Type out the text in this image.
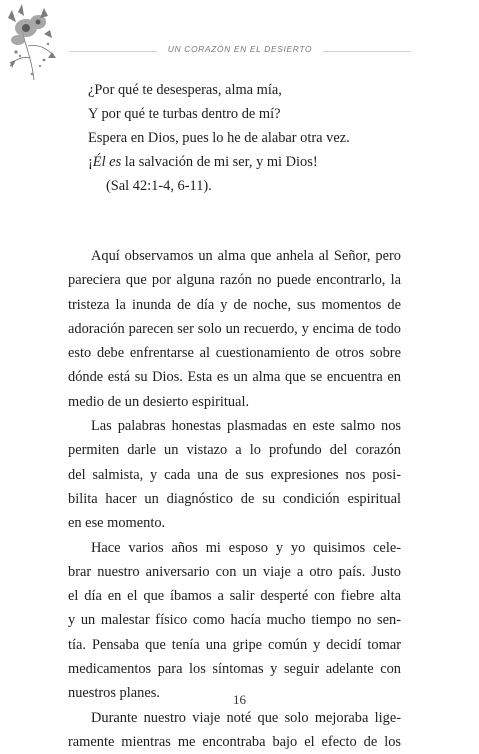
UN CORAZÓN EN EL DESIERTO
¿Por qué te desesperas, alma mía,
Y por qué te turbas dentro de mí?
Espera en Dios, pues lo he de alabar otra vez.
¡Él es la salvación de mi ser, y mi Dios!
(Sal 42:1-4, 6-11).
Aquí observamos un alma que anhela al Señor, pero
pareciera que por alguna razón no puede encontrarlo, la
tristeza la inunda de día y de noche, sus momentos de
adoración parecen ser solo un recuerdo, y encima de todo
esto debe enfrentarse al cuestionamiento de otros sobre
dónde está su Dios. Esta es un alma que se encuentra en
medio de un desierto espiritual.
Las palabras honestas plasmadas en este salmo nos
permiten darle un vistazo a lo profundo del corazón
del salmista, y cada una de sus expresiones nos posi-
bilita hacer un diagnóstico de su condición espiritual
en ese momento.
Hace varios años mi esposo y yo quisimos cele-
brar nuestro aniversario con un viaje a otro país. Justo
el día en el que íbamos a salir desperté con fiebre alta
y un malestar físico como hacía mucho tiempo no sen-
tía. Pensaba que tenía una gripe común y decidí tomar
medicamentos para los síntomas y seguir adelante con
nuestros planes.
Durante nuestro viaje noté que solo mejoraba lige-
ramente mientras me encontraba bajo el efecto de los
16
